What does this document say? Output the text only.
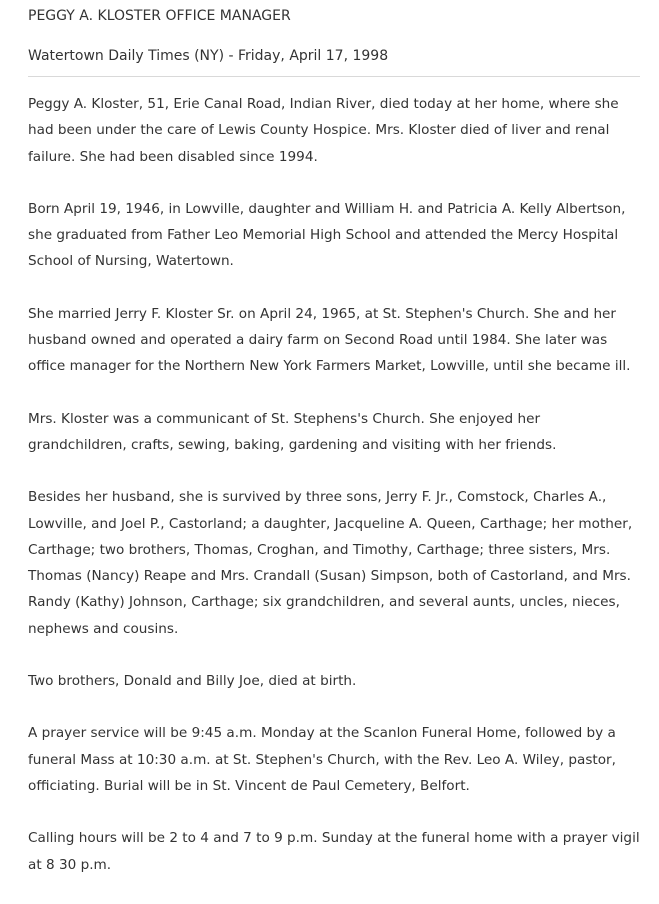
PEGGY A. KLOSTER OFFICE MANAGER
Watertown Daily Times (NY) - Friday, April 17, 1998

Peggy A. Kloster, 51, Erie Canal Road, Indian River, died today at her home, where she had been under the care of Lewis County Hospice. Mrs. Kloster died of liver and renal failure. She had been disabled since 1994.

Born April 19, 1946, in Lowville, daughter and William H. and Patricia A. Kelly Albertson, she graduated from Father Leo Memorial High School and attended the Mercy Hospital School of Nursing, Watertown.

She married Jerry F. Kloster Sr. on April 24, 1965, at St. Stephen's Church. She and her husband owned and operated a dairy farm on Second Road until 1984. She later was office manager for the Northern New York Farmers Market, Lowville, until she became ill.

Mrs. Kloster was a communicant of St. Stephens's Church. She enjoyed her grandchildren, crafts, sewing, baking, gardening and visiting with her friends.

Besides her husband, she is survived by three sons, Jerry F. Jr., Comstock, Charles A., Lowville, and Joel P., Castorland; a daughter, Jacqueline A. Queen, Carthage; her mother, Carthage; two brothers, Thomas, Croghan, and Timothy, Carthage; three sisters, Mrs. Thomas (Nancy) Reape and Mrs. Crandall (Susan) Simpson, both of Castorland, and Mrs. Randy (Kathy) Johnson, Carthage; six grandchildren, and several aunts, uncles, nieces, nephews and cousins.

Two brothers, Donald and Billy Joe, died at birth.

A prayer service will be 9:45 a.m. Monday at the Scanlon Funeral Home, followed by a funeral Mass at 10:30 a.m. at St. Stephen's Church, with the Rev. Leo A. Wiley, pastor, officiating. Burial will be in St. Vincent de Paul Cemetery, Belfort.

Calling hours will be 2 to 4 and 7 to 9 p.m. Sunday at the funeral home with a prayer vigil at 8 30 p.m.
